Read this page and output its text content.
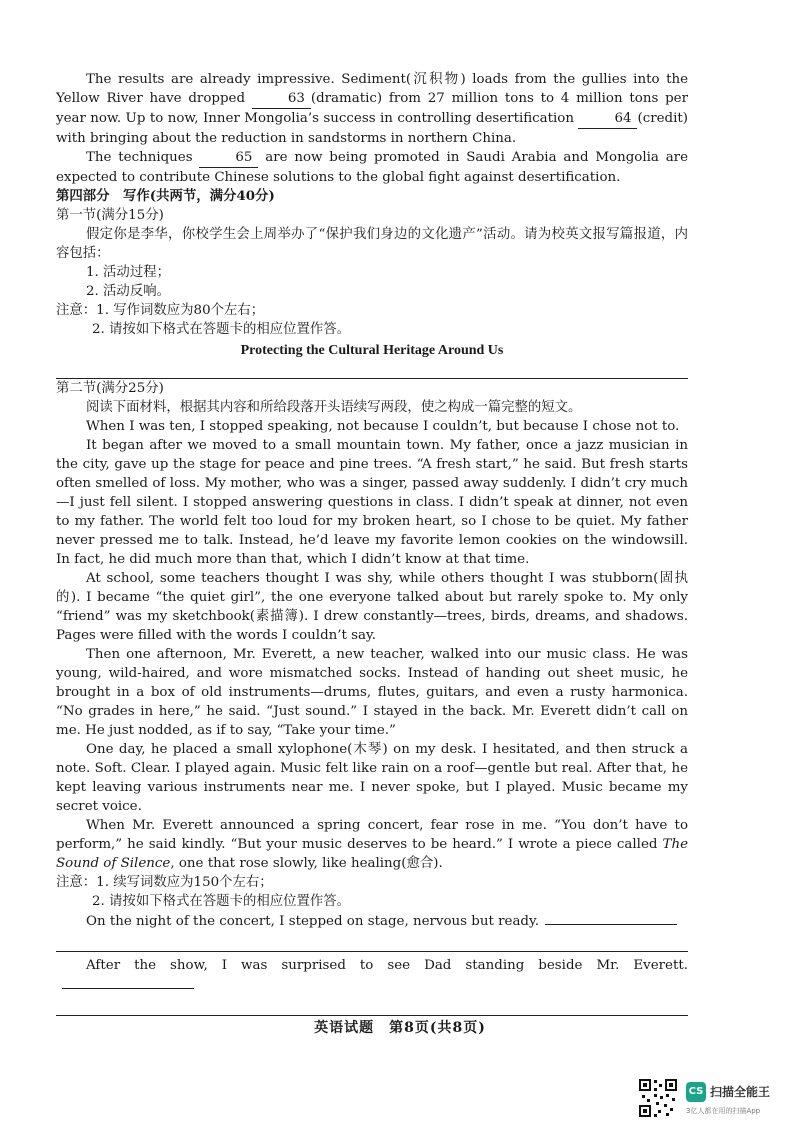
The results are already impressive. Sediment(沉积物) loads from the gullies into the Yellow River have dropped	63 (dramatic) from 27 million tons to 4 million tons per year now. Up to now, Inner Mongolia’s success in controlling desertification	64 (credit) with bringing about the reduction in sandstorms in northern China.

The techniques	65 are now being promoted in Saudi Arabia and Mongolia are expected to contribute Chinese solutions to the global fight against desertification.

第四部分　写作(共两节，满分40分)

第一节(满分15分)

假定你是李华，你校学生会上周举办了“保护我们身边的文化遗产”活动。请为校英文报写篇报道，内容包括：

1. 活动过程；

2. 活动反响。

注意：1. 写作词数应为80个左右；

2. 请按如下格式在答题卡的相应位置作答。

Protecting the Cultural Heritage Around Us

第二节(满分25分)

阅读下面材料，根据其内容和所给段落开头语续写两段，使之构成一篇完整的短文。

When I was ten, I stopped speaking, not because I couldn’t, but because I chose not to.

It began after we moved to a small mountain town. My father, once a jazz musician in the city, gave up the stage for peace and pine trees. “A fresh start,” he said. But fresh starts often smelled of loss. My mother, who was a singer, passed away suddenly. I didn’t cry much—I just fell silent. I stopped answering questions in class. I didn’t speak at dinner, not even to my father. The world felt too loud for my broken heart, so I chose to be quiet. My father never pressed me to talk. Instead, he’d leave my favorite lemon cookies on the windowsill. In fact, he did much more than that, which I didn’t know at that time.

At school, some teachers thought I was shy, while others thought I was stubborn(固执的). I became “the quiet girl”, the one everyone talked about but rarely spoke to. My only “friend” was my sketchbook(素描簿). I drew constantly—trees, birds, dreams, and shadows. Pages were filled with the words I couldn’t say.

Then one afternoon, Mr. Everett, a new teacher, walked into our music class. He was young, wild-haired, and wore mismatched socks. Instead of handing out sheet music, he brought in a box of old instruments—drums, flutes, guitars, and even a rusty harmonica. “No grades in here,” he said. “Just sound.” I stayed in the back. Mr. Everett didn’t call on me. He just nodded, as if to say, “Take your time.”

One day, he placed a small xylophone(木琴) on my desk. I hesitated, and then struck a note. Soft. Clear. I played again. Music felt like rain on a roof—gentle but real. After that, he kept leaving various instruments near me. I never spoke, but I played. Music became my secret voice.

When Mr. Everett announced a spring concert, fear rose in me. “You don’t have to perform,” he said kindly. “But your music deserves to be heard.” I wrote a piece called The Sound of Silence, one that rose slowly, like healing(愈合).

注意：1. 续写词数应为150个左右；

2. 请按如下格式在答题卡的相应位置作答。

On the night of the concert, I stepped on stage, nervous but ready.

After the show, I was surprised to see Dad standing beside Mr. Everett.

英语试题　第8页(共8页)
CS 扫描全能王
3亿人都在用的扫描App
